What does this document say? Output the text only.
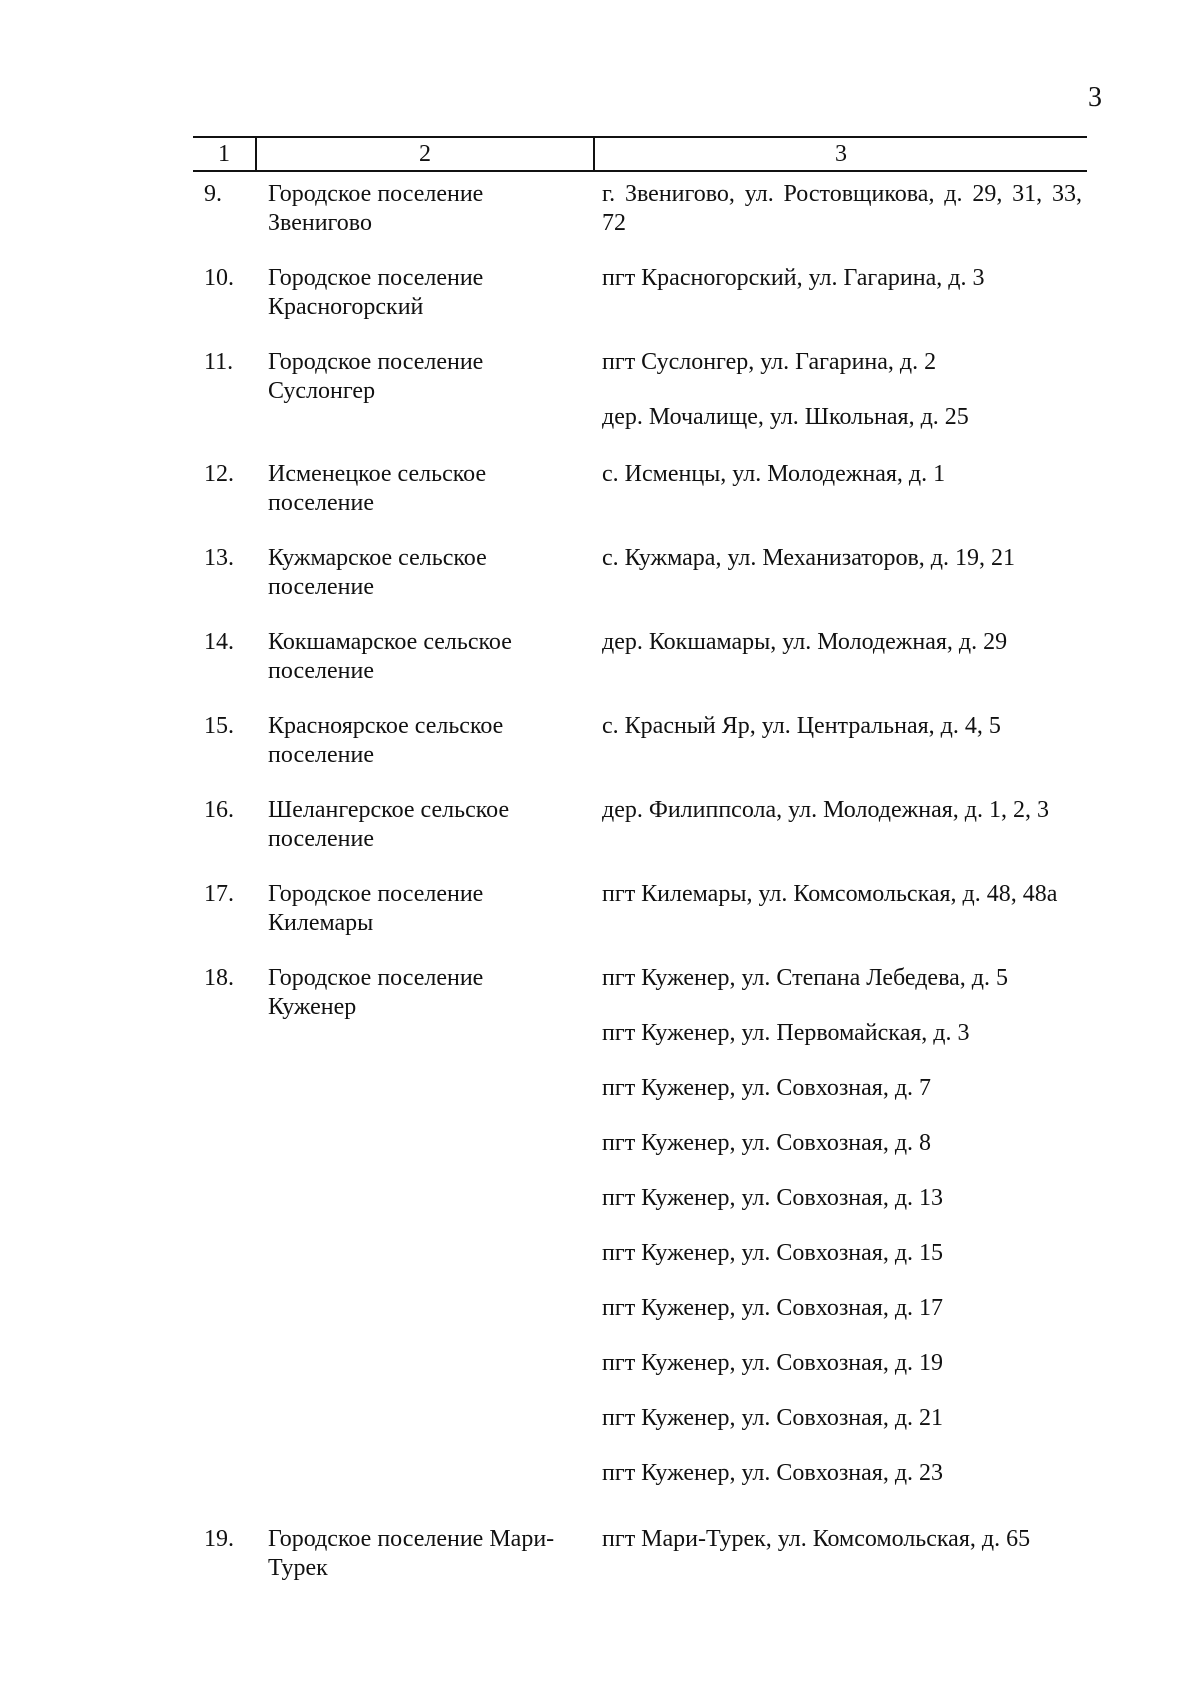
3
1	2	3
9. Городское поселение Звенигово
г. Звенигово, ул. Ростовщикова, д. 29, 31, 33, 72
10. Городское поселение Красногорский
пгт Красногорский, ул. Гагарина, д. 3
11. Городское поселение Суслонгер
пгт Суслонгер, ул. Гагарина, д. 2
дер. Мочалище, ул. Школьная, д. 25
12. Исменецкое сельское поселение
с. Исменцы, ул. Молодежная, д. 1
13. Кужмарское сельское поселение
с. Кужмара, ул. Механизаторов, д. 19, 21
14. Кокшамарское сельское поселение
дер. Кокшамары, ул. Молодежная, д. 29
15. Красноярское сельское поселение
с. Красный Яр, ул. Центральная, д. 4, 5
16. Шелангерское сельское поселение
дер. Филиппсола, ул. Молодежная, д. 1, 2, 3
17. Городское поселение Килемары
пгт Килемары, ул. Комсомольская, д. 48, 48а
18. Городское поселение Куженер
пгт Куженер, ул. Степана Лебедева, д. 5
пгт Куженер, ул. Первомайская, д. 3
пгт Куженер, ул. Совхозная, д. 7
пгт Куженер, ул. Совхозная, д. 8
пгт Куженер, ул. Совхозная, д. 13
пгт Куженер, ул. Совхозная, д. 15
пгт Куженер, ул. Совхозная, д. 17
пгт Куженер, ул. Совхозная, д. 19
пгт Куженер, ул. Совхозная, д. 21
пгт Куженер, ул. Совхозная, д. 23
19. Городское поселение Мари-Турек
пгт Мари-Турек, ул. Комсомольская, д. 65
